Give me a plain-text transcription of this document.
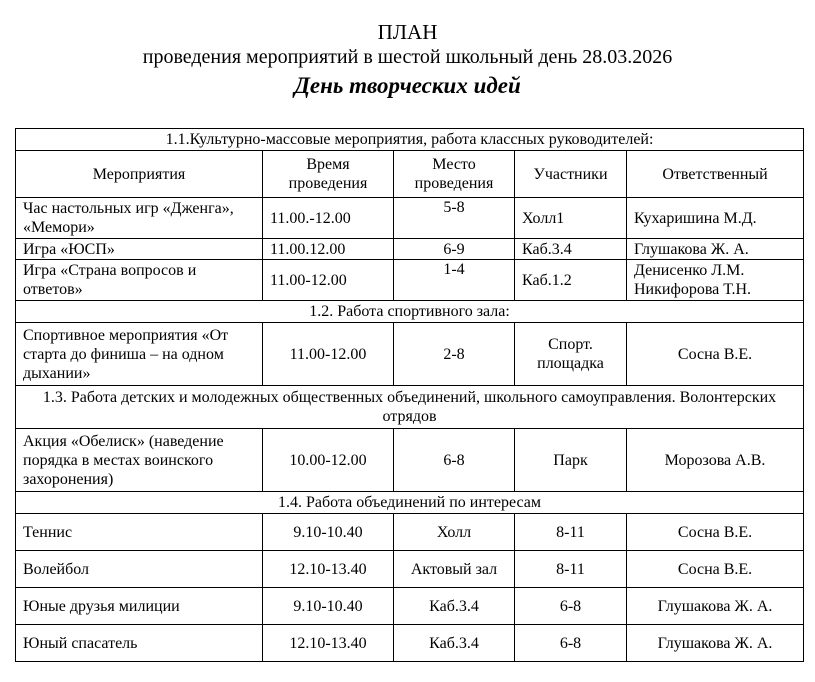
ПЛАН
проведения мероприятий в шестой школьный день 28.03.2026
День творческих идей
1.1.Культурно-массовые мероприятия, работа классных руководителей:				
Мероприятия	Время проведения	Место проведения	Участники	Ответственный
Час настольных игр «Дженга», «Мемори»	11.00.-12.00	5-8	Холл1	Кухаришина М.Д.
Игра «ЮСП»	11.00.12.00	6-9	Каб.3.4	Глушакова Ж. А.
Игра «Страна вопросов и ответов»	11.00-12.00	1-4	Каб.1.2	Денисенко Л.М. Никифорова Т.Н.
1.2. Работа спортивного зала:				
Спортивное мероприятия «От старта до финиша – на одном дыхании»	11.00-12.00	2-8	Спорт. площадка	Сосна В.Е.
1.3. Работа детских и молодежных общественных объединений, школьного самоуправления. Волонтерских отрядов				
Акция «Обелиск» (наведение порядка в местах воинского захоронения)	10.00-12.00	6-8	Парк	Морозова А.В.
1.4. Работа объединений по интересам				
Теннис	9.10-10.40	Холл	8-11	Сосна В.Е.
Волейбол	12.10-13.40	Актовый зал	8-11	Сосна В.Е.
Юные друзья милиции	9.10-10.40	Каб.3.4	6-8	Глушакова Ж. А.
Юный спасатель	12.10-13.40	Каб.3.4	6-8	Глушакова Ж. А.
